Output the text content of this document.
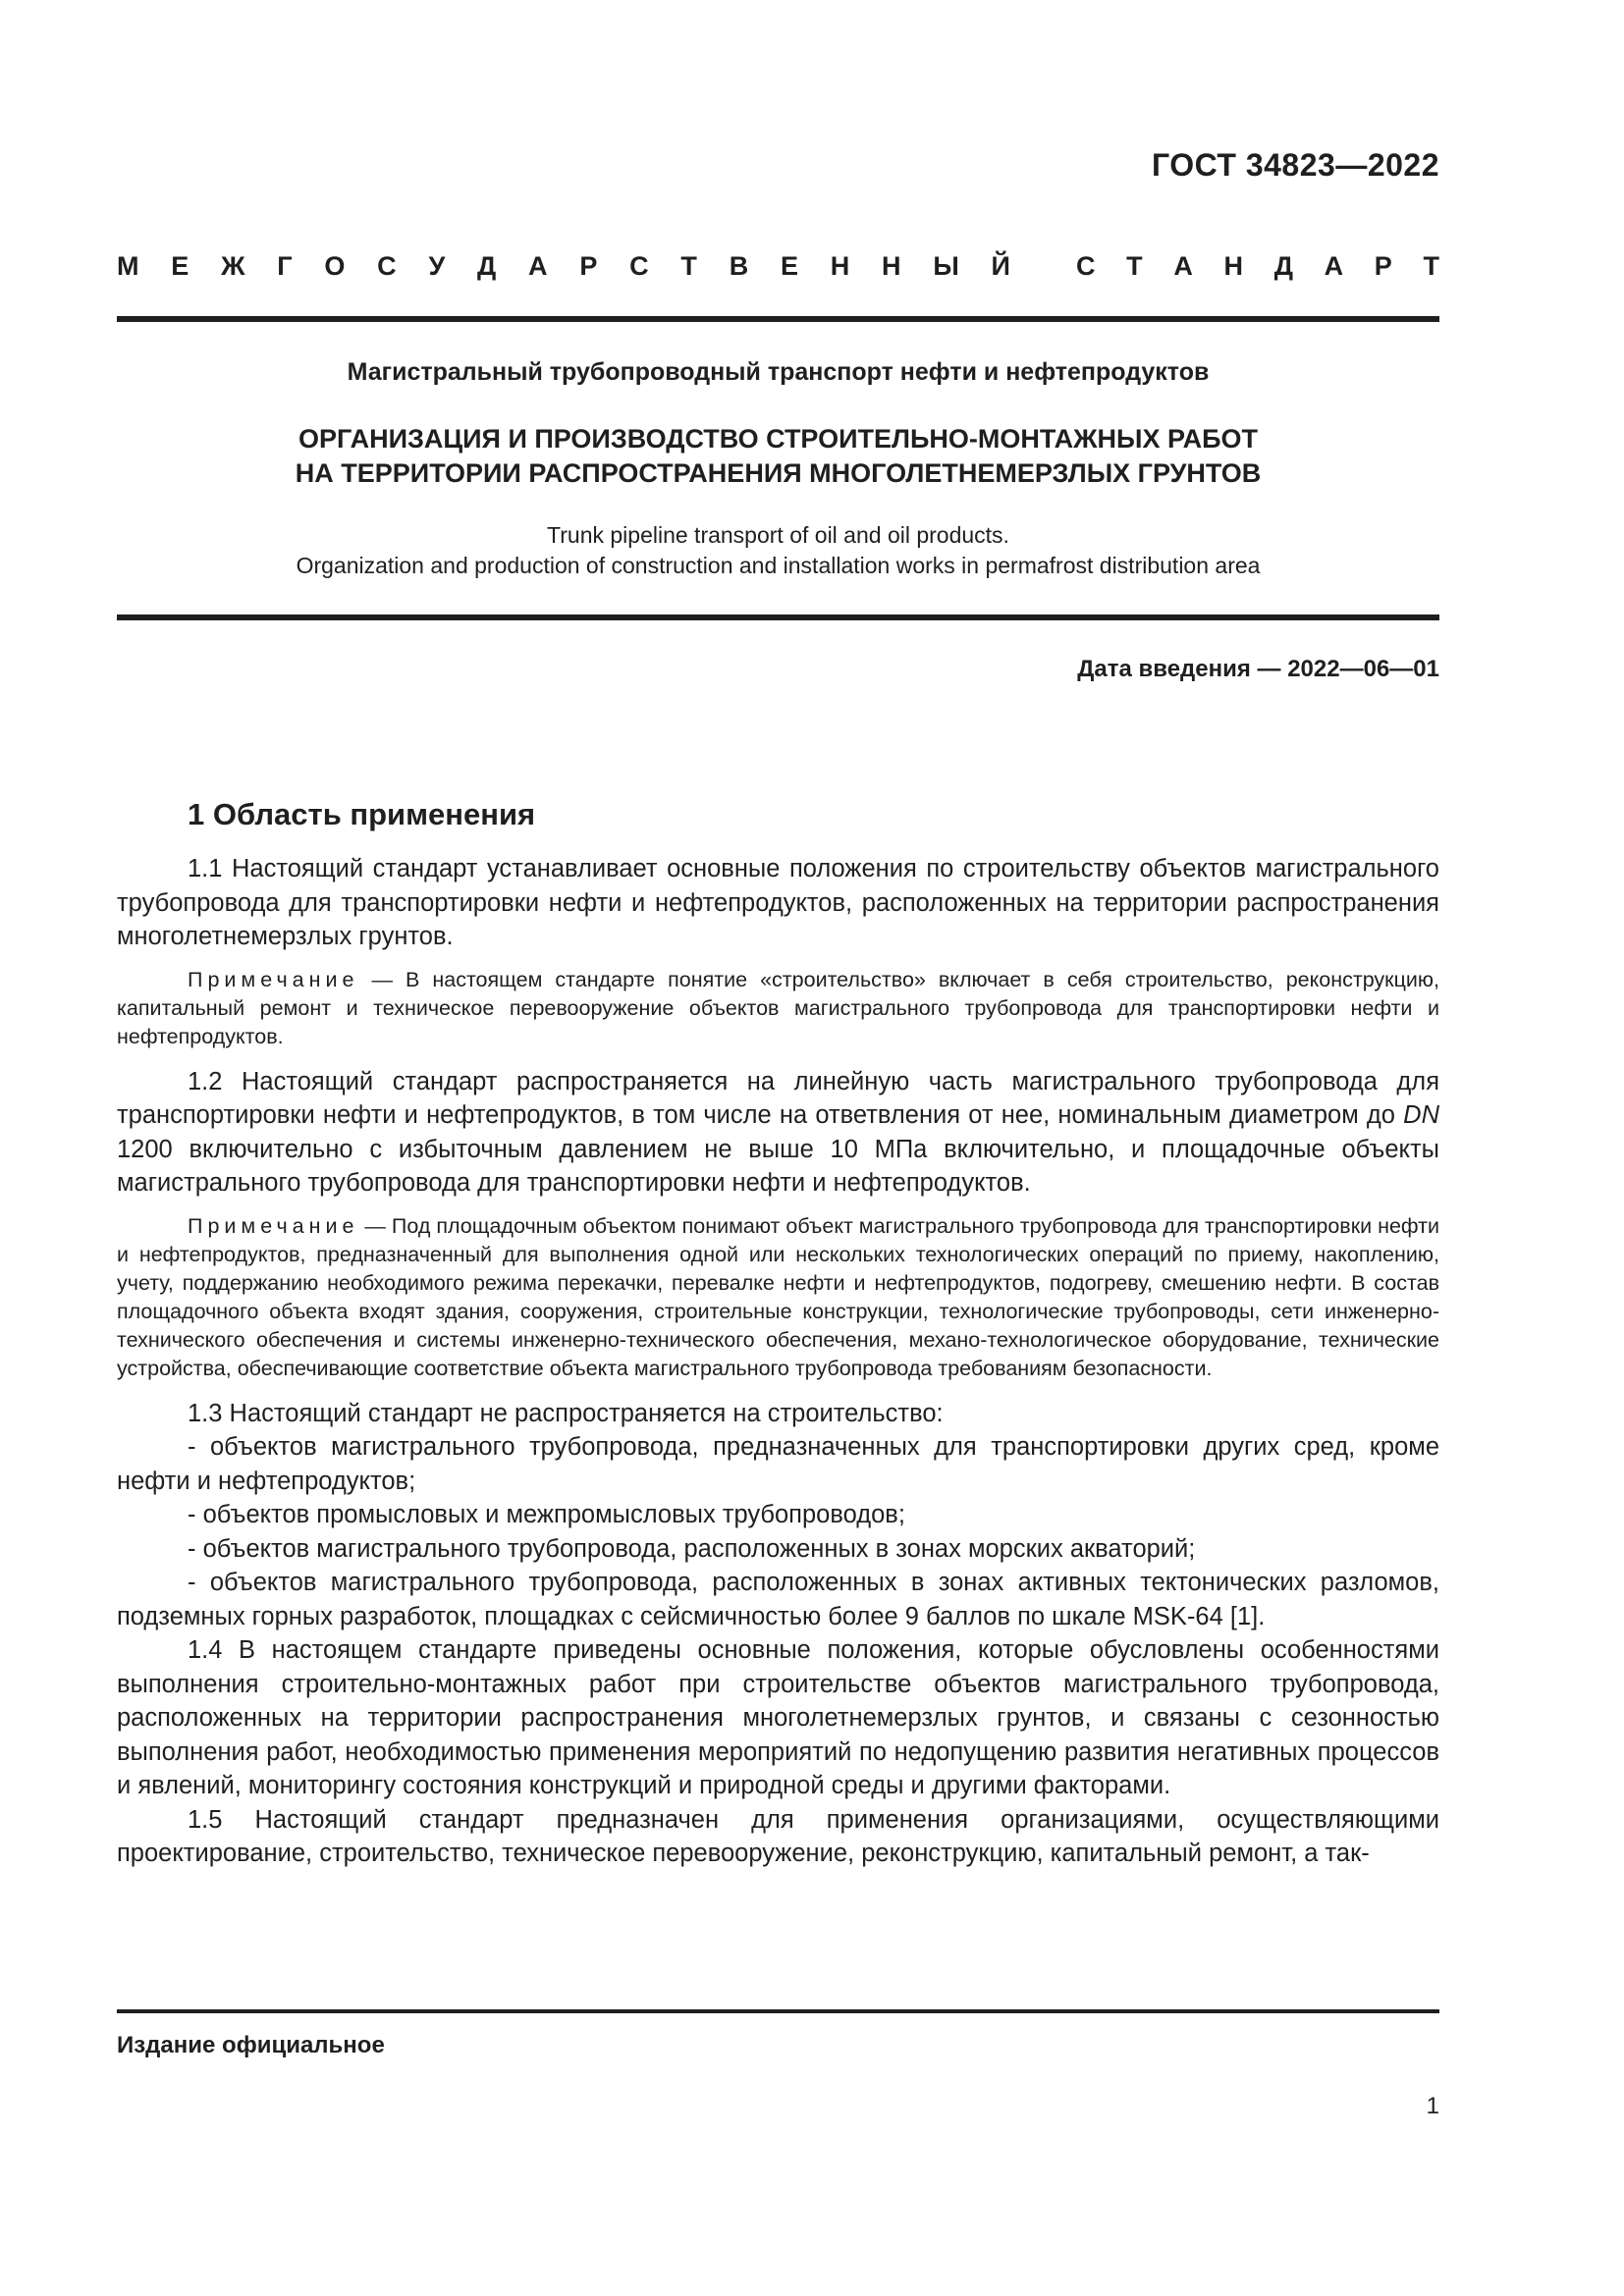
ГОСТ 34823—2022
М Е Ж Г О С У Д А Р С Т В Е Н Н Ы Й С Т А Н Д А Р Т

Магистральный трубопроводный транспорт нефти и нефтепродуктов

ОРГАНИЗАЦИЯ И ПРОИЗВОДСТВО СТРОИТЕЛЬНО-МОНТАЖНЫХ РАБОТ
НА ТЕРРИТОРИИ РАСПРОСТРАНЕНИЯ МНОГОЛЕТНЕМЕРЗЛЫХ ГРУНТОВ

Trunk pipeline transport of oil and oil products.
Organization and production of construction and installation works in permafrost distribution area

Дата введения — 2022—06—01
1 Область применения

1.1 Настоящий стандарт устанавливает основные положения по строительству объектов магистрального трубопровода для транспортировки нефти и нефтепродуктов, расположенных на территории распространения многолетнемерзлых грунтов.

Примечание — В настоящем стандарте понятие «строительство» включает в себя строительство, реконструкцию, капитальный ремонт и техническое перевооружение объектов магистрального трубопровода для транспортировки нефти и нефтепродуктов.

1.2 Настоящий стандарт распространяется на линейную часть магистрального трубопровода для транспортировки нефти и нефтепродуктов, в том числе на ответвления от нее, номинальным диаметром до DN 1200 включительно с избыточным давлением не выше 10 МПа включительно, и площадочные объекты магистрального трубопровода для транспортировки нефти и нефтепродуктов.

Примечание — Под площадочным объектом понимают объект магистрального трубопровода для транспортировки нефти и нефтепродуктов, предназначенный для выполнения одной или нескольких технологических операций по приему, накоплению, учету, поддержанию необходимого режима перекачки, перевалке нефти и нефтепродуктов, подогреву, смешению нефти. В состав площадочного объекта входят здания, сооружения, строительные конструкции, технологические трубопроводы, сети инженерно-технического обеспечения и системы инженерно-технического обеспечения, механо-технологическое оборудование, технические устройства, обеспечивающие соответствие объекта магистрального трубопровода требованиям безопасности.

1.3 Настоящий стандарт не распространяется на строительство:

- объектов магистрального трубопровода, предназначенных для транспортировки других сред, кроме нефти и нефтепродуктов;
- объектов промысловых и межпромысловых трубопроводов;
- объектов магистрального трубопровода, расположенных в зонах морских акваторий;
- объектов магистрального трубопровода, расположенных в зонах активных тектонических разломов, подземных горных разработок, площадках с сейсмичностью более 9 баллов по шкале MSK-64 [1].

1.4 В настоящем стандарте приведены основные положения, которые обусловлены особенностями выполнения строительно-монтажных работ при строительстве объектов магистрального трубопровода, расположенных на территории распространения многолетнемерзлых грунтов, и связаны с сезонностью выполнения работ, необходимостью применения мероприятий по недопущению развития негативных процессов и явлений, мониторингу состояния конструкций и природной среды и другими факторами.

1.5 Настоящий стандарт предназначен для применения организациями, осуществляющими проектирование, строительство, техническое перевооружение, реконструкцию, капитальный ремонт, а так-

Издание официальное
1
